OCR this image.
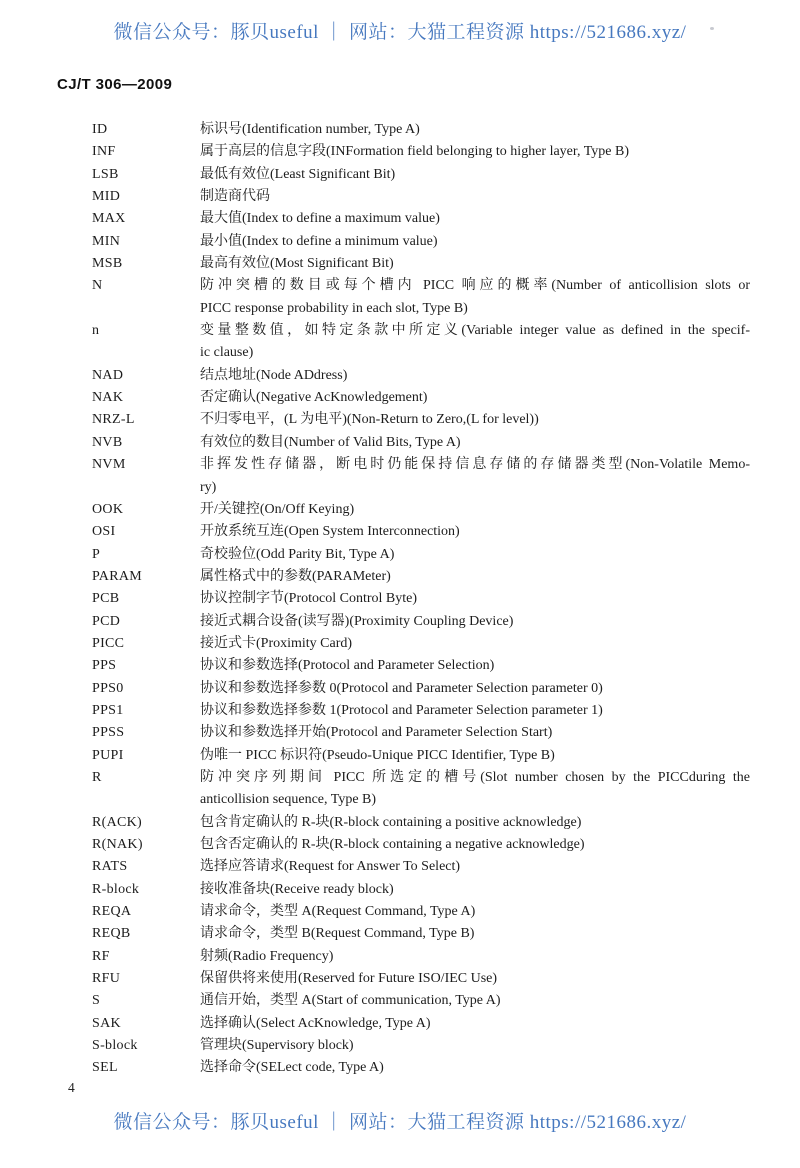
微信公众号：豚贝useful ｜ 网站：大猫工程资源 https://521686.xyz/
CJ/T 306—2009
ID	标识号(Identification number, Type A)
INF	属于高层的信息字段(INFormation field belonging to higher layer, Type B)
LSB	最低有效位(Least Significant Bit)
MID	制造商代码
MAX	最大值(Index to define a maximum value)
MIN	最小值(Index to define a minimum value)
MSB	最高有效位(Most Significant Bit)
N	防冲突槽的数目或每个槽内 PICC 响应的概率(Number of anticollision slots or
PICC response probability in each slot, Type B)
n	变量整数值，如特定条款中所定义(Variable integer value as defined in the specif-
ic clause)
NAD	结点地址(Node ADdress)
NAK	否定确认(Negative AcKnowledgement)
NRZ-L	不归零电平，(L 为电平)(Non-Return to Zero,(L for level))
NVB	有效位的数目(Number of Valid Bits, Type A)
NVM	非挥发性存储器，断电时仍能保持信息存储的存储器类型(Non-Volatile Memo-
ry)
OOK	开/关键控(On/Off Keying)
OSI	开放系统互连(Open System Interconnection)
P	奇校验位(Odd Parity Bit, Type A)
PARAM	属性格式中的参数(PARAMeter)
PCB	协议控制字节(Protocol Control Byte)
PCD	接近式耦合设备(读写器)(Proximity Coupling Device)
PICC	接近式卡(Proximity Card)
PPS	协议和参数选择(Protocol and Parameter Selection)
PPS0	协议和参数选择参数 0(Protocol and Parameter Selection parameter 0)
PPS1	协议和参数选择参数 1(Protocol and Parameter Selection parameter 1)
PPSS	协议和参数选择开始(Protocol and Parameter Selection Start)
PUPI	伪唯一 PICC 标识符(Pseudo-Unique PICC Identifier, Type B)
R	防冲突序列期间 PICC 所选定的槽号(Slot number chosen by the PICCduring the
anticollision sequence, Type B)
R(ACK)	包含肯定确认的 R-块(R-block containing a positive acknowledge)
R(NAK)	包含否定确认的 R-块(R-block containing a negative acknowledge)
RATS	选择应答请求(Request for Answer To Select)
R-block	接收准备块(Receive ready block)
REQA	请求命令，类型 A(Request Command, Type A)
REQB	请求命令，类型 B(Request Command, Type B)
RF	射频(Radio Frequency)
RFU	保留供将来使用(Reserved for Future ISO/IEC Use)
S	通信开始，类型 A(Start of communication, Type A)
SAK	选择确认(Select AcKnowledge, Type A)
S-block	管理块(Supervisory block)
SEL	选择命令(SELect code, Type A)
4
微信公众号：豚贝useful ｜ 网站：大猫工程资源 https://521686.xyz/
